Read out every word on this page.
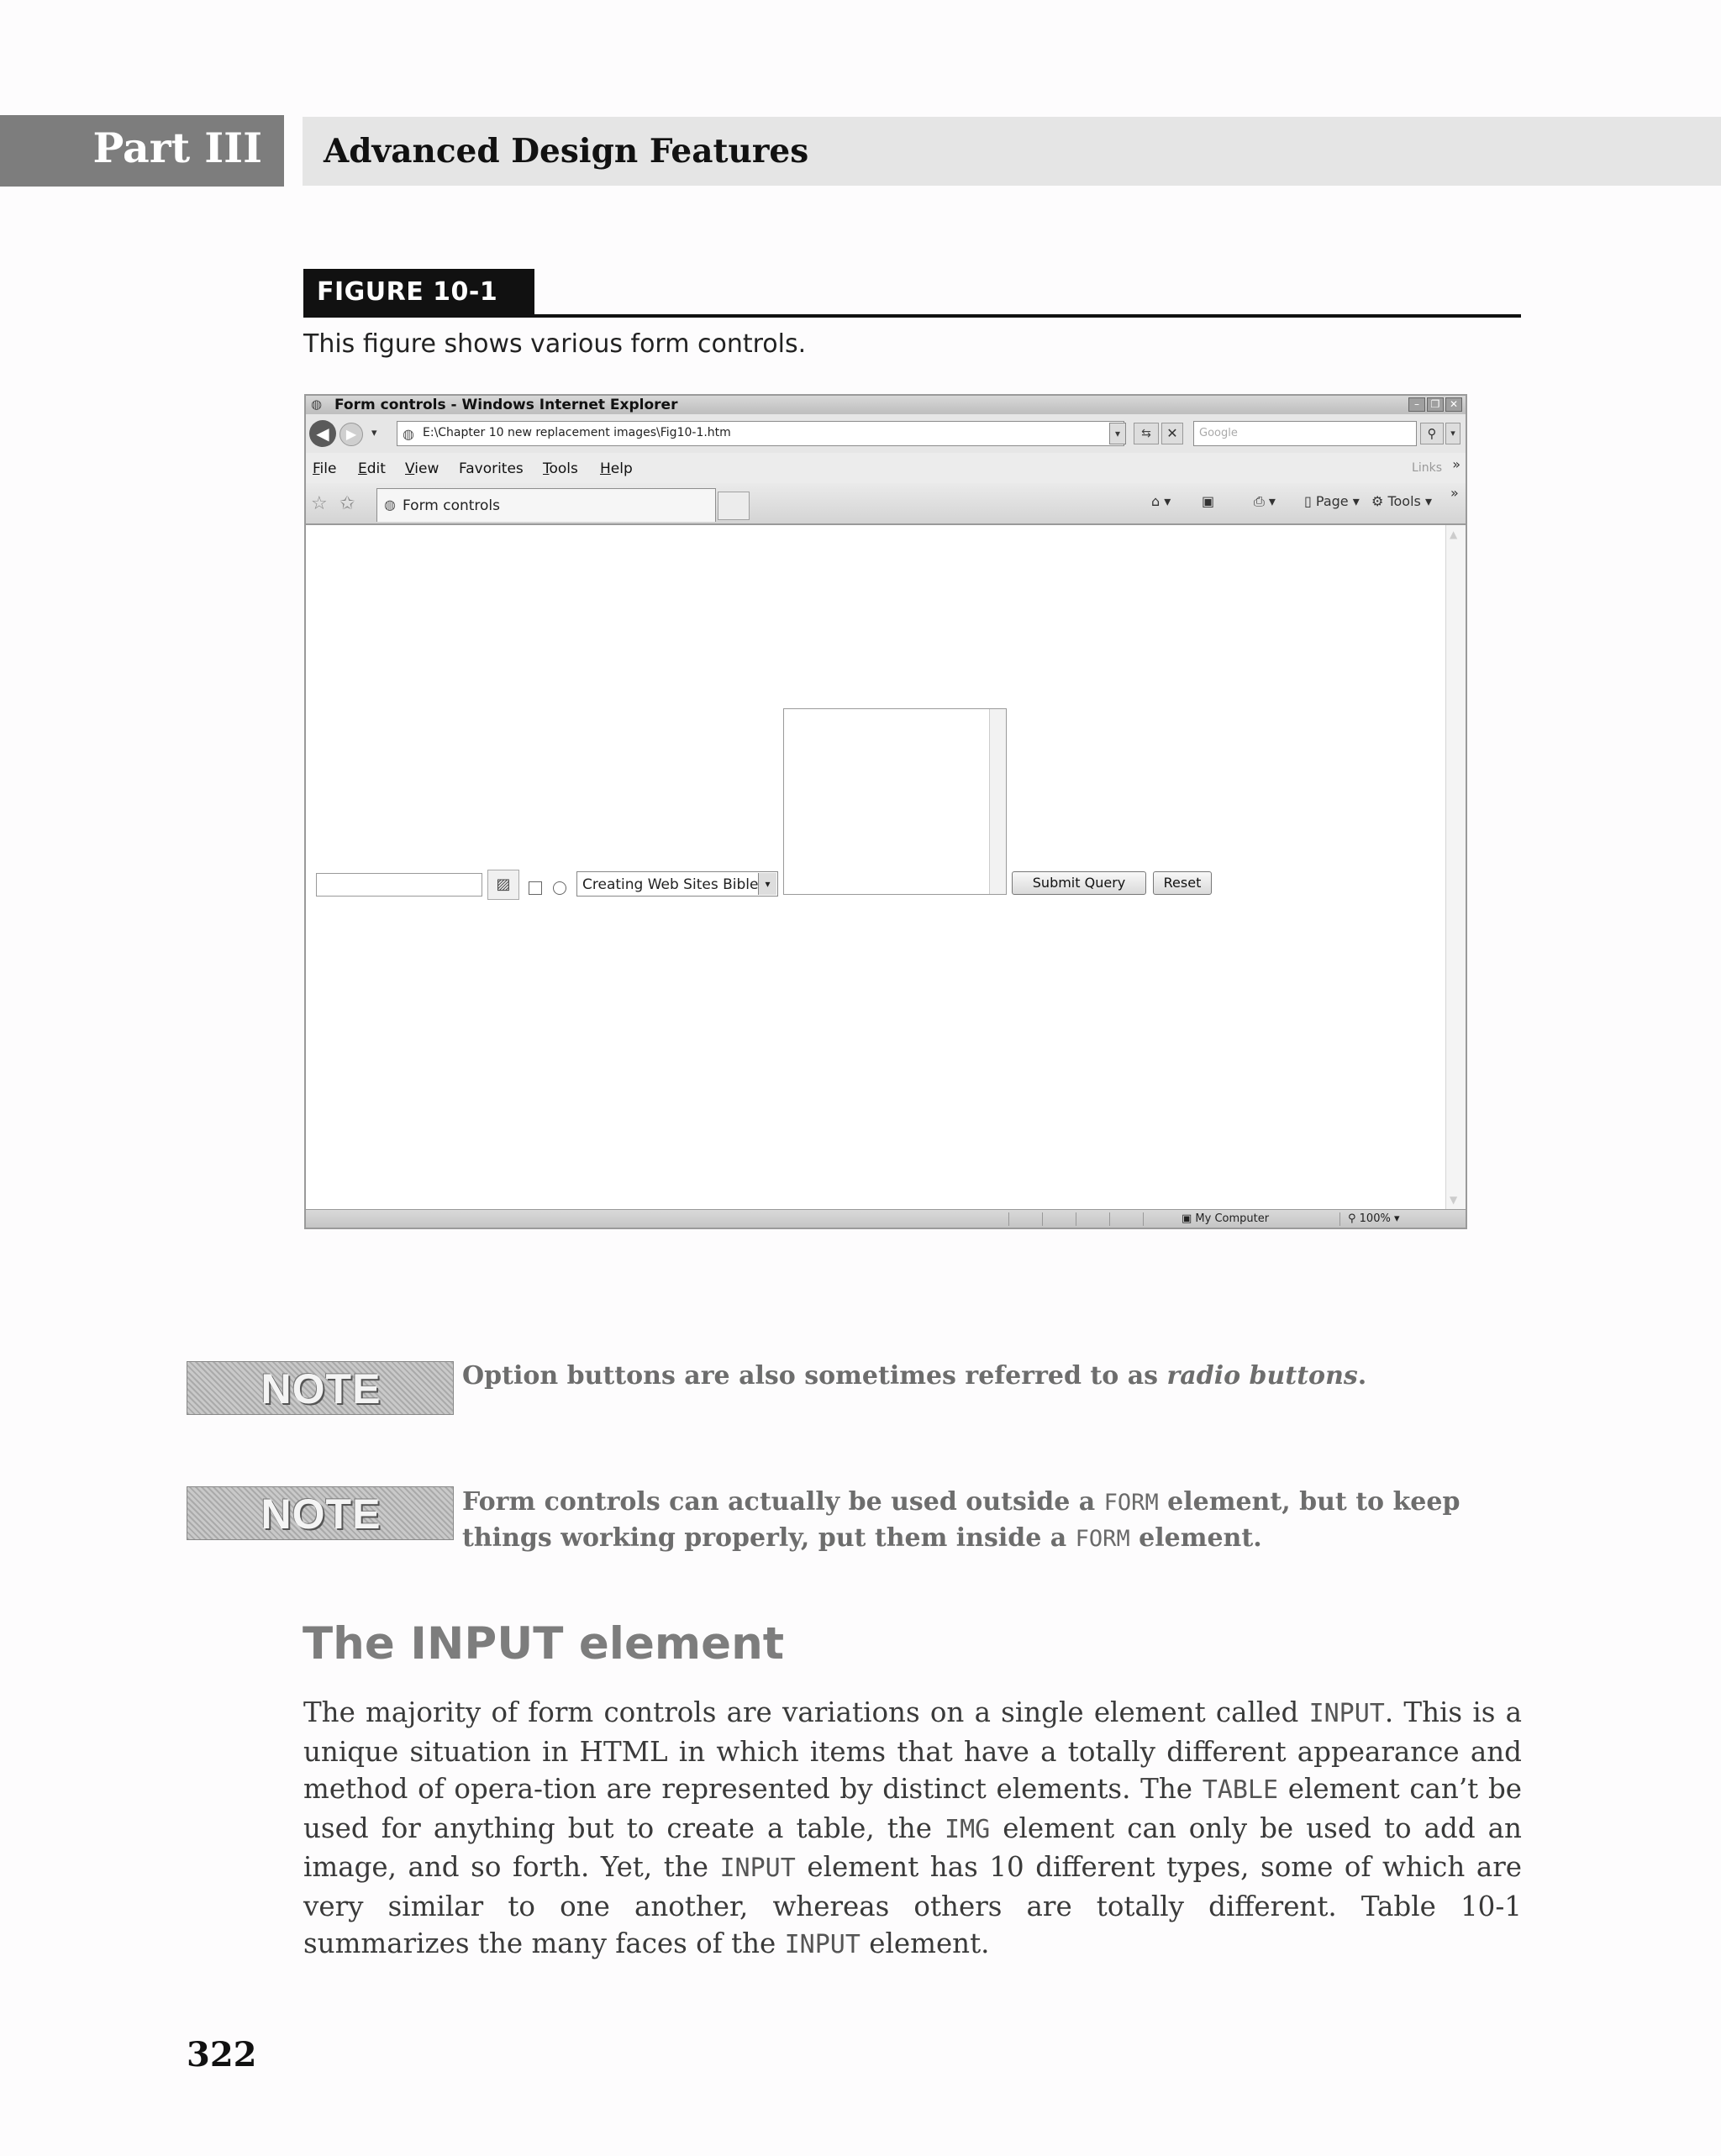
Part III Advanced Design Features
FIGURE 10-1
This figure shows various form controls.
◍ Form controls - Windows Internet Explorer	–	❐ ✕
◀	▶	▾ ◍ E:\Chapter 10 new replacement images\Fig10-1.htm	▾	⇆	✕	Google	⚲	▾
File Edit View Favorites Tools Help	Links »
☆ ✩ ◍ Form controls	⌂ ▾ ▣	⎙ ▾ ▯ Page ▾ ⚙ Tools ▾
»
▨	Creating Web Sites Bible ▾	Submit Query	Reset
▲
▼
▣ My Computer	⚲ 100% ▾
NOTE	Option buttons are also sometimes referred to as radio buttons.
NOTE	Form controls can actually be used outside a FORM element, but to keep things working properly, put them inside a FORM element.
The INPUT element
The majority of form controls are variations on a single element called INPUT. This is a unique situation in HTML in which items that have a totally different appearance and method of opera-tion are represented by distinct elements. The TABLE element can’t be used for anything but to create a table, the IMG element can only be used to add an image, and so forth. Yet, the INPUT element has 10 different types, some of which are very similar to one another, whereas others are totally different. Table 10-1 summarizes the many faces of the INPUT element.
322
